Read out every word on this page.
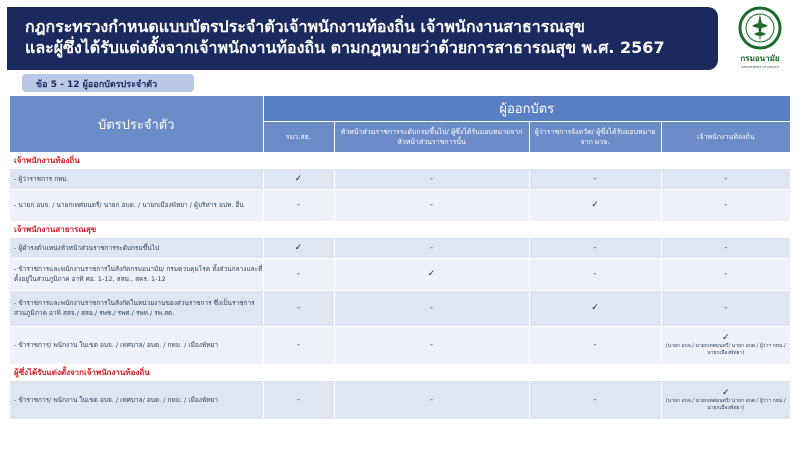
กฎกระทรวงกำหนดแบบบัตรประจำตัวเจ้าพนักงานท้องถิ่น เจ้าพนักงานสาธารณสุข
และผู้ซึ่งได้รับแต่งตั้งจากเจ้าพนักงานท้องถิ่น ตามกฎหมายว่าด้วยการสาธารณสุข พ.ศ. 2567
กรมอนามัย
DEPARTMENT OF HEALTH
ข้อ 5 - 12 ผู้ออกบัตรประจำตัว
บัตรประจำตัว	ผู้ออกบัตร			
	รมว.สธ.	หัวหน้าส่วนราชการระดับกรมขึ้นไป/ ผู้ซึ่งได้รับมอบหมายจากหัวหน้าส่วนราชการนั้น	ผู้ว่าราชการจังหวัด/ ผู้ซึ่งได้รับมอบหมายจาก ผวจ.	เจ้าพนักงานท้องถิ่น
เจ้าพนักงานท้องถิ่น				
- ผู้ว่าราชการ กทม.	✓	-	-	-
- นายก อบจ. / นายกเทศมนตรี/ นายก อบต. / นายกเมืองพัทยา / ผู้บริหาร อปท. อื่น	-	-	✓	-
เจ้าพนักงานสาธารณสุข				
- ผู้ดำรงตำแหน่งหัวหน้าส่วนราชการระดับกรมขึ้นไป	✓	-	-	-
- ข้าราชการและพนักงานราชการในสังกัดกรมอนามัย/ กรมควบคุมโรค ทั้งส่วนกลางและที่ตั้งอยู่ในส่วนภูมิภาค อาทิ ศอ. 1-12, สสม., สคร. 1-12	-	✓	-	-
- ข้าราชการและพนักงานราชการในสังกัดในหน่วยงานของส่วนราชการ ซึ่งเป็นราชการส่วนภูมิภาค อาทิ สสจ./ สสอ./ รพช./ รพศ./ รพท./ รพ.สต.	-	-	✓	-
- ข้าราชการ/ พนักงาน ในเขต อบจ. / เทศบาล/ อบต. / กทม. / เมืองพัทยา	-	-	-	✓
(นายก อบจ./ นายกเทศมนตรี/ นายก อบต./ ผู้ว่าฯ กทม./ นายกเมืองพัทยา)

ผู้ซึ่งได้รับแต่งตั้งจากเจ้าพนักงานท้องถิ่น				
- ข้าราชการ/ พนักงาน ในเขต อบจ. / เทศบาล/ อบต. / กทม. / เมืองพัทยา	-	-	-	✓
(นายก อบจ./ นายกเทศมนตรี/ นายก อบต./ ผู้ว่าฯ กทม./ นายกเมืองพัทยา)
